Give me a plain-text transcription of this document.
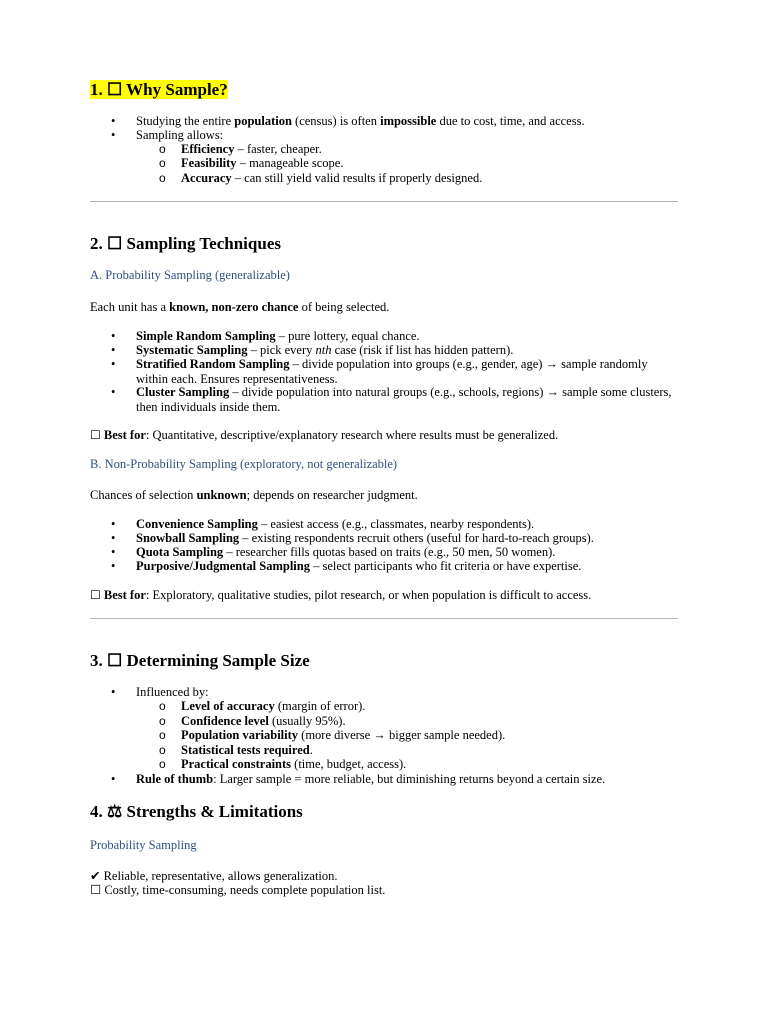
1. ☐ Why Sample?
• Studying the entire population (census) is often impossible due to cost, time, and access.
• Sampling allows:
o Efficiency – faster, cheaper.
o Feasibility – manageable scope.
o Accuracy – can still yield valid results if properly designed.
2. ☐ Sampling Techniques

A. Probability Sampling (generalizable)

Each unit has a known, non-zero chance of being selected.

• Simple Random Sampling – pure lottery, equal chance.
• Systematic Sampling – pick every nth case (risk if list has hidden pattern).
• Stratified Random Sampling – divide population into groups (e.g., gender, age) → sample randomly within each. Ensures representativeness.
• Cluster Sampling – divide population into natural groups (e.g., schools, regions) → sample some clusters, then individuals inside them.

☐ Best for: Quantitative, descriptive/explanatory research where results must be generalized.

B. Non-Probability Sampling (exploratory, not generalizable)

Chances of selection unknown; depends on researcher judgment.

• Convenience Sampling – easiest access (e.g., classmates, nearby respondents).
• Snowball Sampling – existing respondents recruit others (useful for hard-to-reach groups).
• Quota Sampling – researcher fills quotas based on traits (e.g., 50 men, 50 women).
• Purposive/Judgmental Sampling – select participants who fit criteria or have expertise.

☐ Best for: Exploratory, qualitative studies, pilot research, or when population is difficult to access.

3. ☐ Determining Sample Size
• Influenced by:
o Level of accuracy (margin of error).
o Confidence level (usually 95%).
o Population variability (more diverse → bigger sample needed).
o Statistical tests required.
o Practical constraints (time, budget, access).
• Rule of thumb: Larger sample = more reliable, but diminishing returns beyond a certain size.
4. ⚖ Strengths & Limitations

Probability Sampling

✔ Reliable, representative, allows generalization.

☐ Costly, time-consuming, needs complete population list.
